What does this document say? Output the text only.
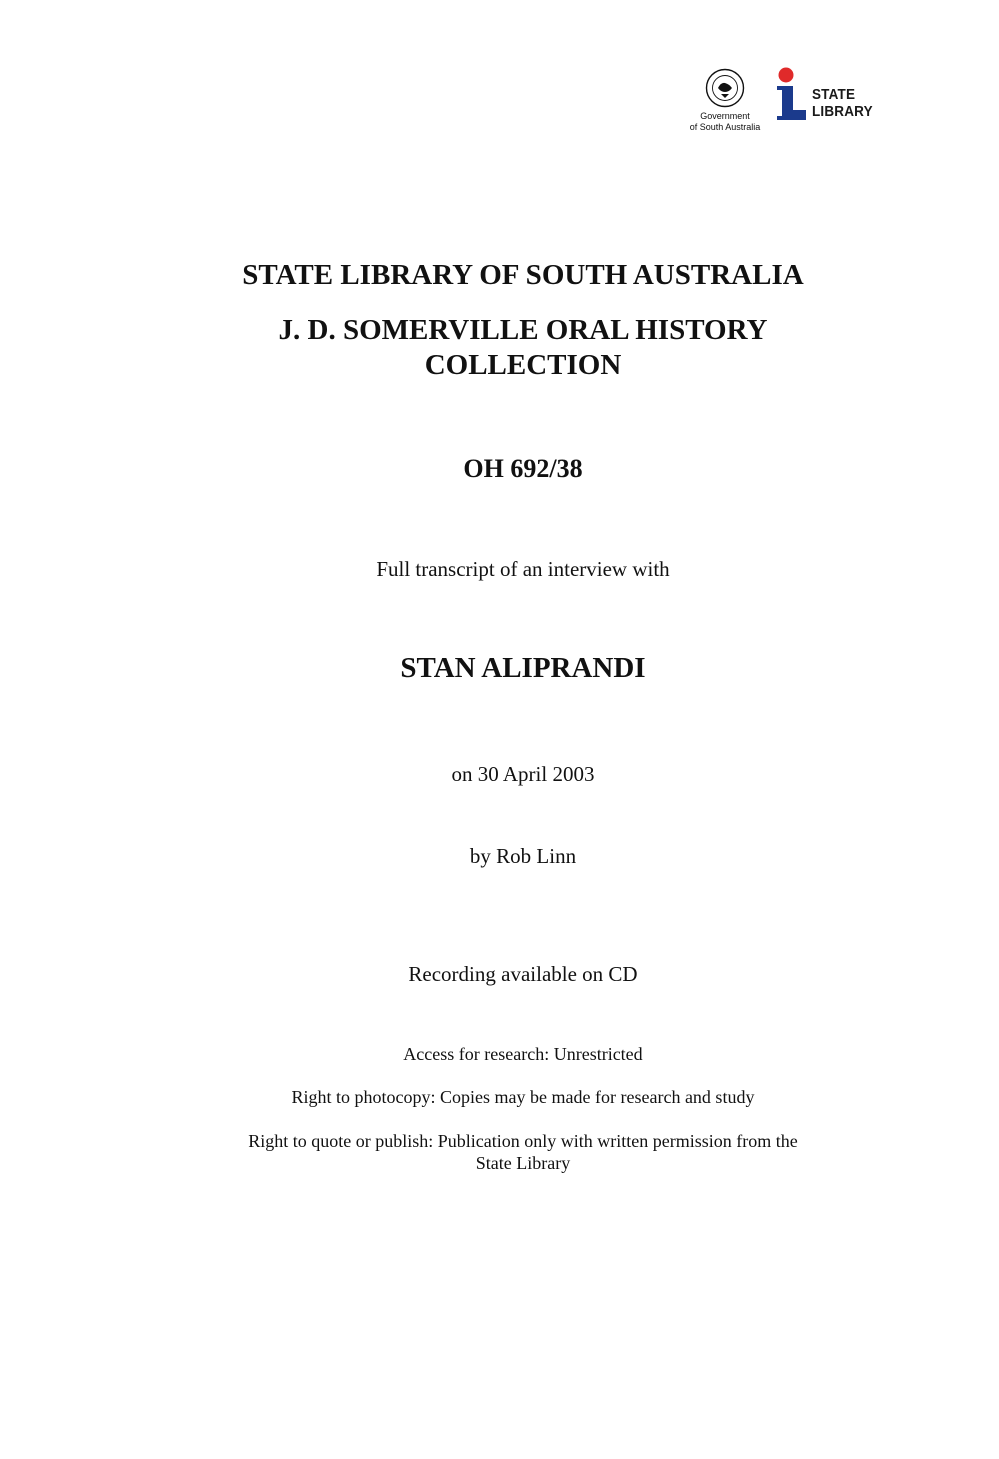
Government
of South Australia
STATE
LIBRARY
STATE LIBRARY OF SOUTH AUSTRALIA
J. D. SOMERVILLE ORAL HISTORY
COLLECTION
OH 692/38
Full transcript of an interview with
STAN ALIPRANDI
on 30 April 2003
by Rob Linn
Recording available on CD
Access for research: Unrestricted
Right to photocopy: Copies may be made for research and study
Right to quote or publish: Publication only with written permission from the
State Library
